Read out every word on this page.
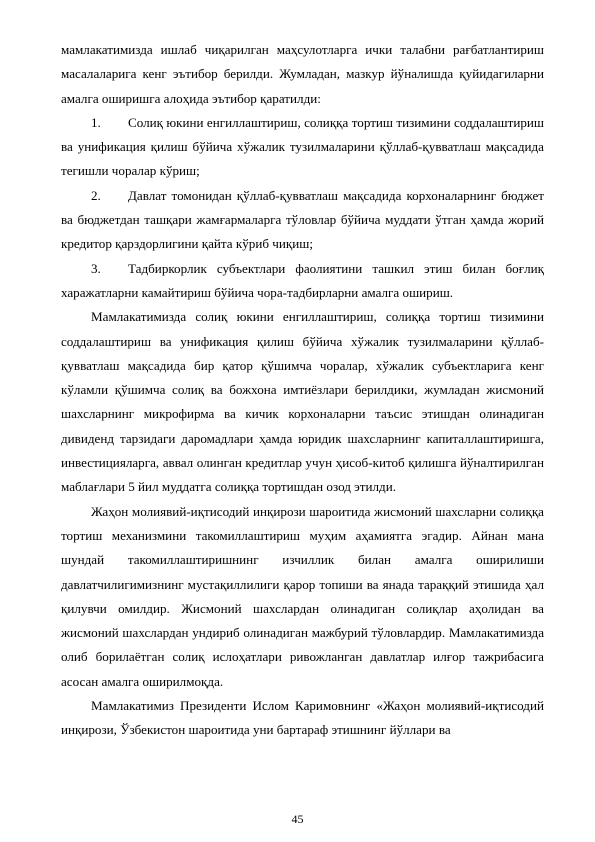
мамлакатимизда ишлаб чиқарилган маҳсулотларга ички талабни рағбатлантириш масалаларига кенг эътибор берилди. Жумладан, мазкур йўналишда қуйидагиларни амалга оширишга алоҳида эътибор қаратилди:

1. Солиқ юкини енгиллаштириш, солиққа тортиш тизимини соддалаштириш ва унификация қилиш бўйича хўжалик тузилмаларини қўллаб-қувватлаш мақсадида тегишли чоралар кўриш;

2. Давлат томонидан қўллаб-қувватлаш мақсадида корхоналарнинг бюджет ва бюджетдан ташқари жамғармаларга тўловлар бўйича муддати ўтган ҳамда жорий кредитор қарздорлигини қайта кўриб чиқиш;

3. Тадбиркорлик субъектлари фаолиятини ташкил этиш билан боғлиқ харажатларни камайтириш бўйича чора-тадбирларни амалга ошириш.

Мамлакатимизда солиқ юкини енгиллаштириш, солиққа тортиш тизимини соддалаштириш ва унификация қилиш бўйича хўжалик тузилмаларини қўллаб-қувватлаш мақсадида бир қатор қўшимча чоралар, хўжалик субъектларига кенг кўламли қўшимча солиқ ва божхона имтиёзлари берилдики, жумладан жисмоний шахсларнинг микрофирма ва кичик корхоналарни таъсис этишдан олинадиган дивиденд тарзидаги даромадлари ҳамда юридик шахсларнинг капиталлаштиришга, инвестицияларга, аввал олинган кредитлар учун ҳисоб-китоб қилишга йўналтирилган маблағлари 5 йил муддатга солиққа тортишдан озод этилди.

Жаҳон молиявий-иқтисодий инқирози шароитида жисмоний шахсларни солиққа тортиш механизмини такомиллаштириш муҳим аҳамиятга эгадир. Айнан мана шундай такомиллаштиришнинг изчиллик билан амалга оширилиши давлатчилигимизнинг мустақиллилиги қарор топиши ва янада тараққий этишида ҳал қилувчи омилдир. Жисмоний шахслардан олинадиган солиқлар аҳолидан ва жисмоний шахслардан ундириб олинадиган мажбурий тўловлардир. Мамлакатимизда олиб борилаётган солиқ ислоҳатлари ривожланган давлатлар илғор тажрибасига асосан амалга оширилмоқда.

Мамлакатимиз Президенти Ислом Каримовнинг «Жаҳон молиявий-иқтисодий инқирози, Ўзбекистон шароитида уни бартараф этишнинг йўллари ва

45
